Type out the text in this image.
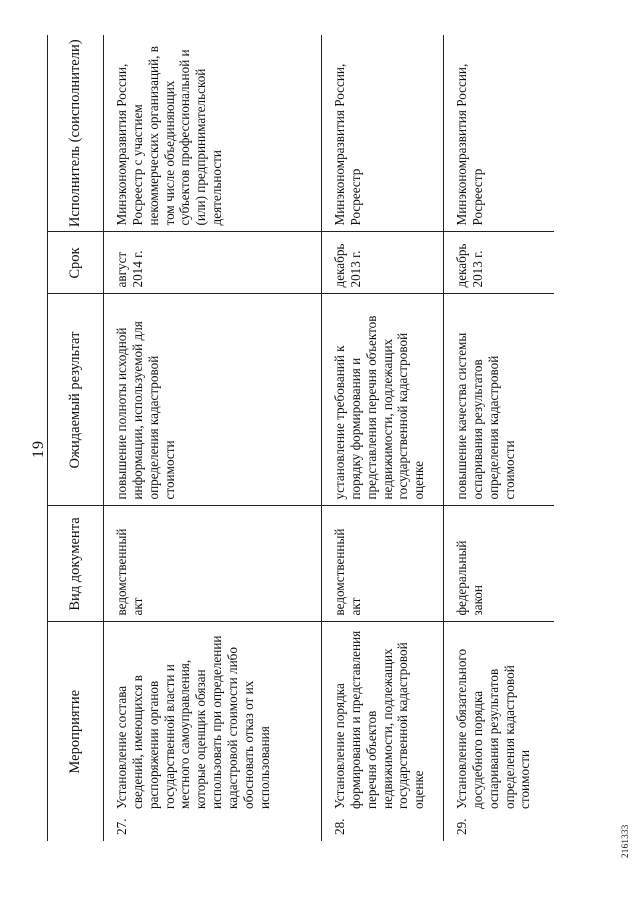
19
Мероприятие	Вид документа	Ожидаемый результат	Срок	Исполнитель (соисполнители)

27.
Установление состава сведений, имеющихся в распоряжении органов государственной власти и местного самоуправления, которые оценщик обязан использовать при определении кадастровой стоимости либо обосновать отказ от их использования	ведомственный акт	повышение полноты исходной информации, используемой для определения кадастровой стоимости	август 2014 г.	Минэкономразвития России, Росреестр с участием некоммерческих организаций, в том числе объединяющих субъектов профессиональной и (или) предпринимательской деятельности

28.
Установление порядка формирования и представления перечня объектов недвижимости, подлежащих государственной кадастровой оценке	ведомственный акт	установление требований к порядку формирования и представления перечня объектов недвижимости, подлежащих государственной кадастровой оценке	декабрь 2013 г.	Минэкономразвития России, Росреестр

29.
Установление обязательного досудебного порядка оспаривания результатов определения кадастровой стоимости	федеральный закон	повышение качества системы оспаривания результатов определения кадастровой стоимости	декабрь 2013 г.	Минэкономразвития России, Росреестр
2161333
